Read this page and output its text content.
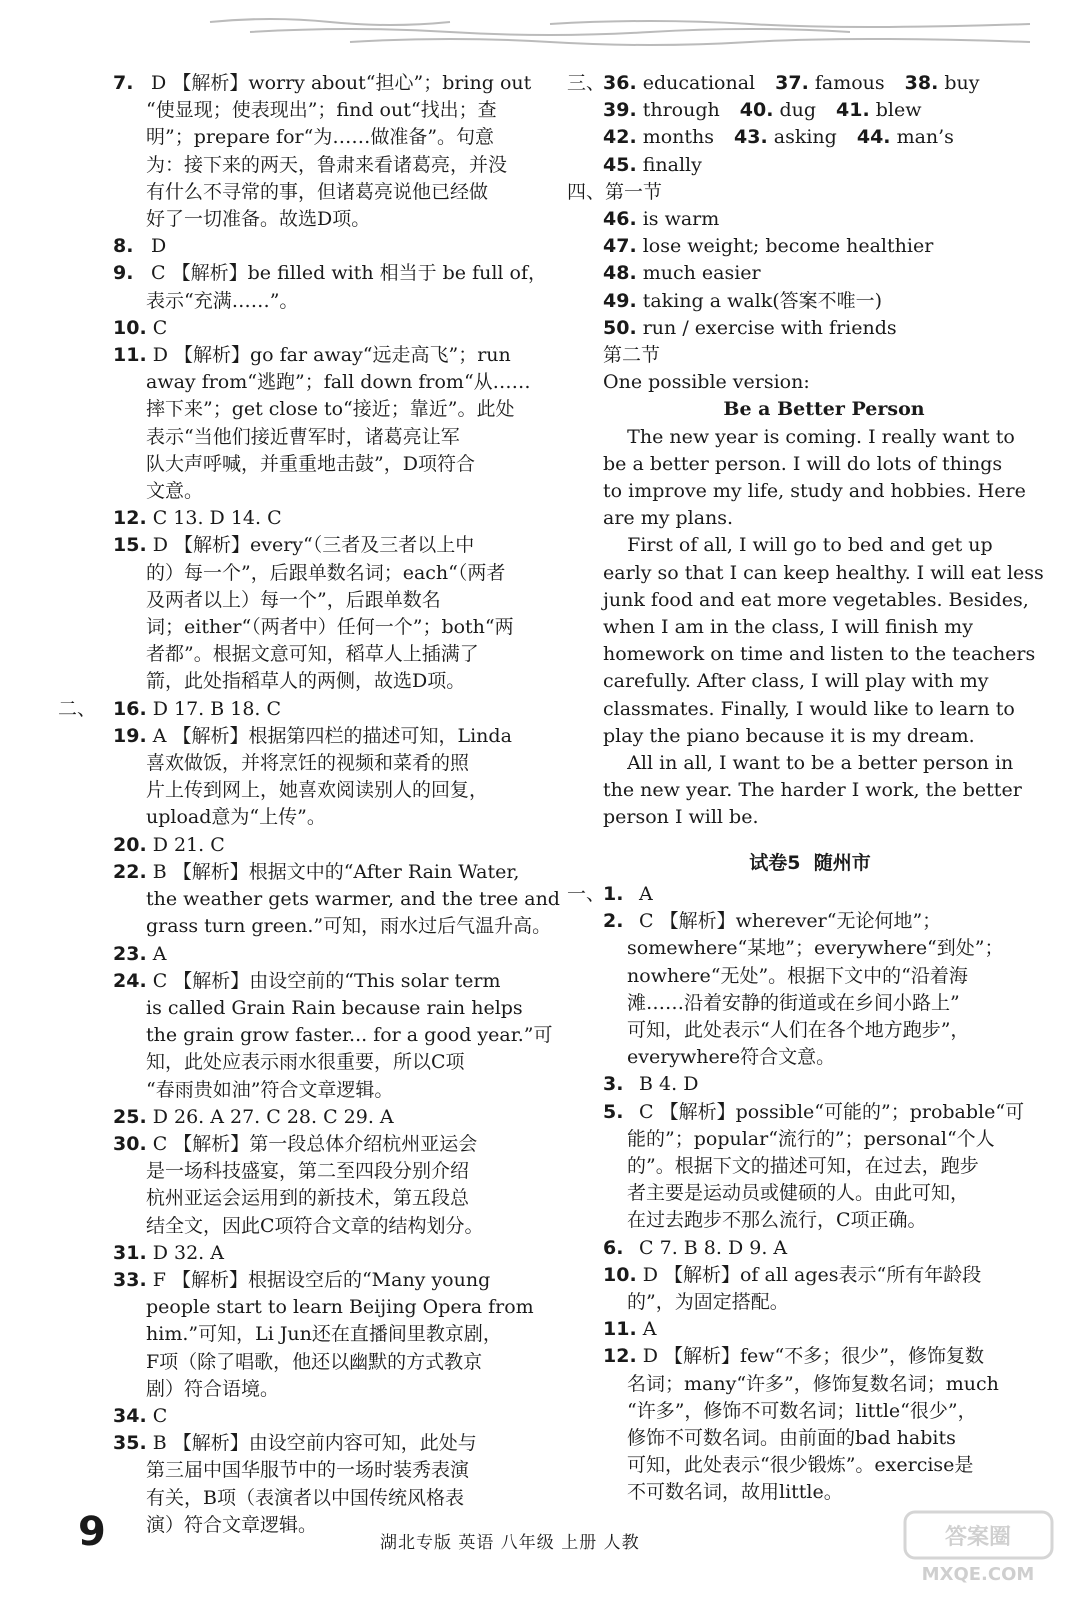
7. D 【解析】worry about“担心”；bring out
“使显现；使表现出”；find out“找出；查
明”；prepare for“为……做准备”。句意
为：接下来的两天，鲁肃来看诸葛亮，并没
有什么不寻常的事，但诸葛亮说他已经做
好了一切准备。故选D项。
8. D
9. C 【解析】be filled with 相当于 be full of，
表示“充满……”。
10. C
11. D 【解析】go far away“远走高飞”；run
away from“逃跑”；fall down from“从……
摔下来”；get close to“接近；靠近”。此处
表示“当他们接近曹军时，诸葛亮让军
队大声呼喊，并重重地击鼓”，D项符合
文意。
12. C 13. D 14. C
15. D 【解析】every“（三者及三者以上中
的）每一个”，后跟单数名词；each“（两者
及两者以上）每一个”，后跟单数名
词；either“（两者中）任何一个”；both“两
者都”。根据文意可知，稻草人上插满了
箭，此处指稻草人的两侧，故选D项。
二、 16. D 17. B 18. C
19. A 【解析】根据第四栏的描述可知，Linda
喜欢做饭，并将烹饪的视频和菜肴的照
片上传到网上，她喜欢阅读别人的回复，
upload意为“上传”。
20. D 21. C
22. B 【解析】根据文中的“After Rain Water,
the weather gets warmer, and the tree and
grass turn green.”可知，雨水过后气温升高。
23. A
24. C 【解析】由设空前的“This solar term
is called Grain Rain because rain helps
the grain grow faster... for a good year.”可
知，此处应表示雨水很重要，所以C项
“春雨贵如油”符合文章逻辑。
25. D 26. A 27. C 28. C 29. A
30. C 【解析】第一段总体介绍杭州亚运会
是一场科技盛宴，第二至四段分别介绍
杭州亚运会运用到的新技术，第五段总
结全文，因此C项符合文章的结构划分。
31. D 32. A
33. F 【解析】根据设空后的“Many young
people start to learn Beijing Opera from
him.”可知，Li Jun还在直播间里教京剧，
F项（除了唱歌，他还以幽默的方式教京
剧）符合语境。
34. C
35. B 【解析】由设空前内容可知，此处与
第三届中国华服节中的一场时装秀表演
有关，B项（表演者以中国传统风格表
演）符合文章逻辑。
三、
36. educational 37. famous 38. buy
39. through 40. dug 41. blew
42. months 43. asking 44. man’s
45. finally
四、第一节
46. is warm
47. lose weight; become healthier
48. much easier
49. taking a walk(答案不唯一)
50. run / exercise with friends
第二节
One possible version:
Be a Better Person
The new year is coming. I really want to
be a better person. I will do lots of things
to improve my life, study and hobbies. Here
are my plans.
First of all, I will go to bed and get up
early so that I can keep healthy. I will eat less
junk food and eat more vegetables. Besides,
when I am in the class, I will finish my
homework on time and listen to the teachers
carefully. After class, I will play with my
classmates. Finally, I would like to learn to
play the piano because it is my dream.
All in all, I want to be a better person in
the new year. The harder I work, the better
person I will be.
试卷5  随州市
一、
1. A
2. C 【解析】wherever“无论何地”；
somewhere“某地”；everywhere“到处”；
nowhere“无处”。根据下文中的“沿着海
滩……沿着安静的街道或在乡间小路上”
可知，此处表示“人们在各个地方跑步”，
everywhere符合文意。
3. B 4. D
5. C 【解析】possible“可能的”；probable“可
能的”；popular“流行的”；personal“个人
的”。根据下文的描述可知，在过去，跑步
者主要是运动员或健硕的人。由此可知，
在过去跑步不那么流行，C项正确。
6. C 7. B 8. D 9. A
10. D 【解析】of all ages表示“所有年龄段
的”，为固定搭配。
11. A
12. D 【解析】few“不多；很少”，修饰复数
名词；many“许多”，修饰复数名词；much
“许多”，修饰不可数名词；little“很少”，
修饰不可数名词。由前面的bad habits
可知，此处表示“很少锻炼”。exercise是
不可数名词，故用little。
9	湖北专版 英语 八年级 上册 人教	答案圈
MXQE.COM
